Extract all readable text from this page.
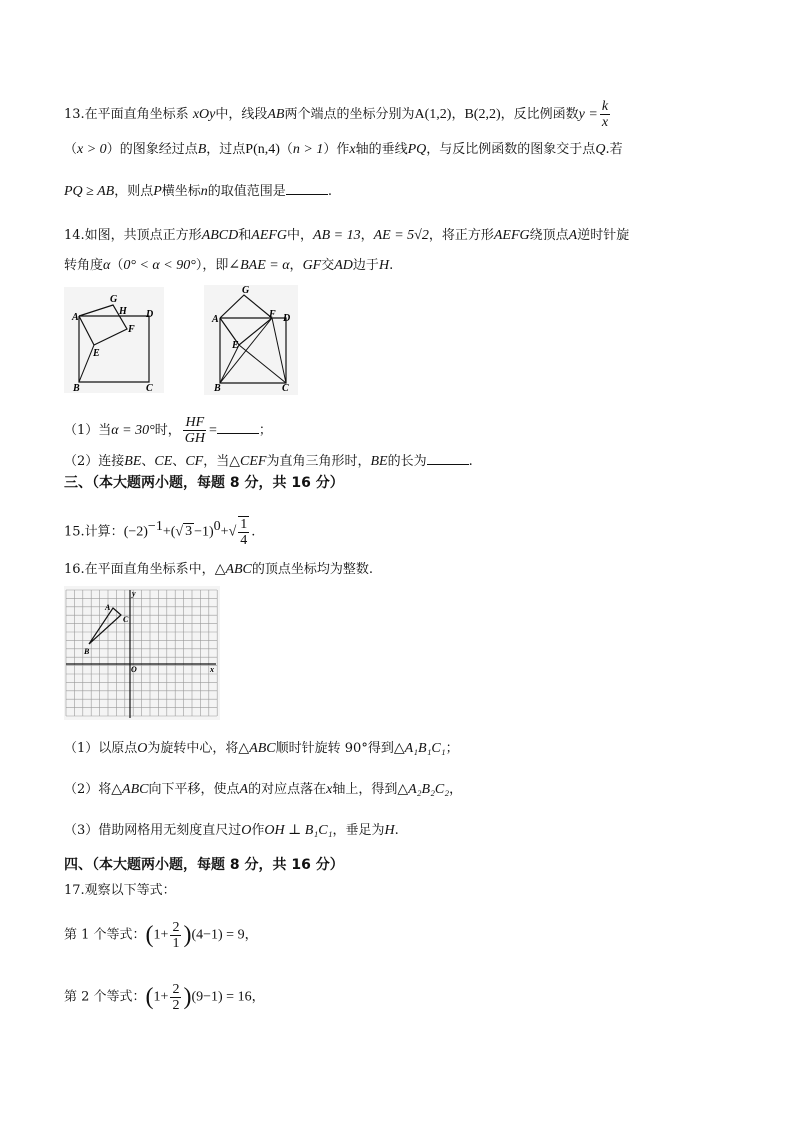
13.在平面直角坐标系 xOy中，线段AB两个端点的坐标分别为A(1,2)，B(2,2)，反比例函数$y = \frac{k}{x}$
（x > 0）的图象经过点B，过点P(n,4)（n > 1）作x轴的垂线PQ，与反比例函数的图象交于点Q.若
PQ ≥ AB，则点P横坐标n的取值范围是	.
14.如图，共顶点正方形ABCD和AEFG中，AB = 13，AE = 5√2，将正方形AEFG绕顶点A逆时针旋
转角度α（0° < α < 90°），即∠BAE = α，GF交AD边于H.
A
G
H D
F
E
B	C
G
A	F D
E
B	C
（1）当α = 30°时， $\frac{HF}{GH}$ =	；
（2）连接BE、CE、CF，当△CEF为直角三角形时，BE的长为	.
三、（本大题两小题，每题 8 分，共 16 分）
15.计算：$(-2)^{-1}+(√$ $3 -1)^0+√ \frac{1}{4}$ .
16.在平面直角坐标系中，△ABC的顶点坐标均为整数.
A
C
B
O	x
y
（1）以原点O为旋转中心，将△ABC顺时针旋转 90°得到△A₁B₁C₁；
（2）将△ABC向下平移，使点A的对应点落在x轴上，得到△A₂B₂C₂，
（3）借助网格用无刻度直尺过O作OH ⊥ B₁C₁，垂足为H.
四、（本大题两小题，每题 8 分，共 16 分）
17.观察以下等式：
第 1 个等式：$(1+ \frac{2}{1} )(4-1) = 9$，
第 2 个等式：$(1+ \frac{2}{2} )(9-1) = 16$，
